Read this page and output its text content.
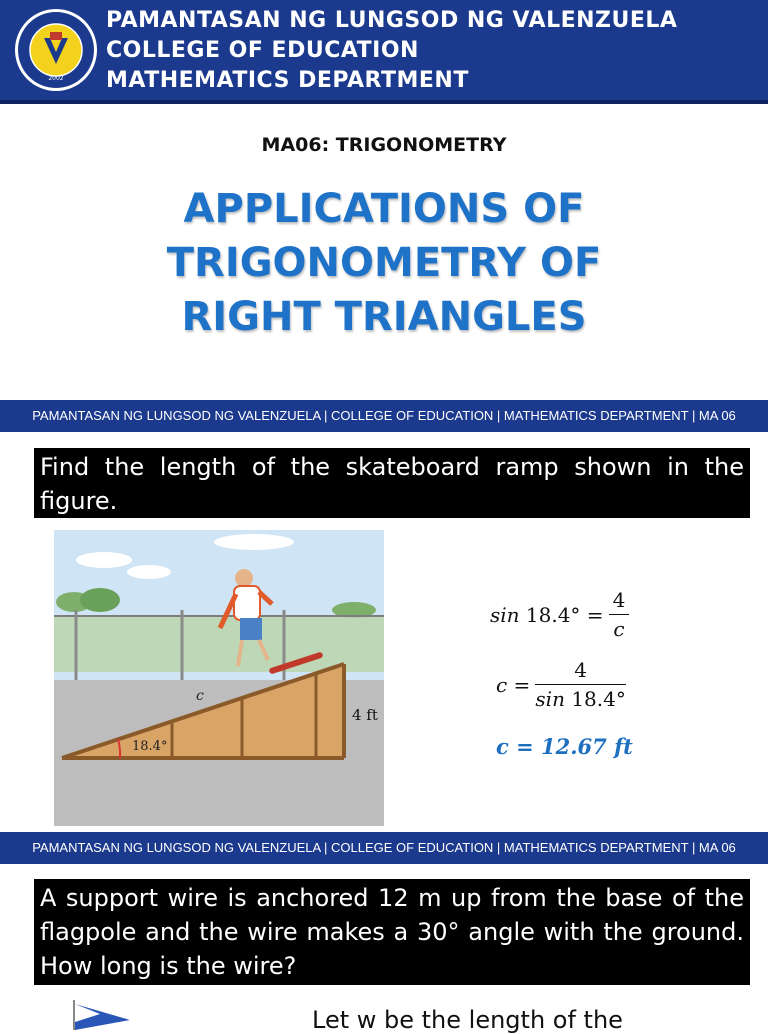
2002
PAMANTASAN NG LUNGSOD NG VALENZUELA
COLLEGE OF EDUCATION
MATHEMATICS DEPARTMENT
MA06: TRIGONOMETRY
APPLICATIONS OF
TRIGONOMETRY OF
RIGHT TRIANGLES
PAMANTASAN NG LUNGSOD NG VALENZUELA | COLLEGE OF EDUCATION | MATHEMATICS DEPARTMENT | MA 06
Find the length of the skateboard ramp shown in the figure.
c
4 ft
18.4°
$\sin 18.4^\circ = \frac{4}{c}$
$c = \frac{4}{\sin 18.4^\circ}$
c = 12.67 ft
PAMANTASAN NG LUNGSOD NG VALENZUELA | COLLEGE OF EDUCATION | MATHEMATICS DEPARTMENT | MA 06
A support wire is anchored 12 m up from the base of the flagpole and the wire makes a 30° angle with the ground. How long is the wire?
Let w be the length of the
